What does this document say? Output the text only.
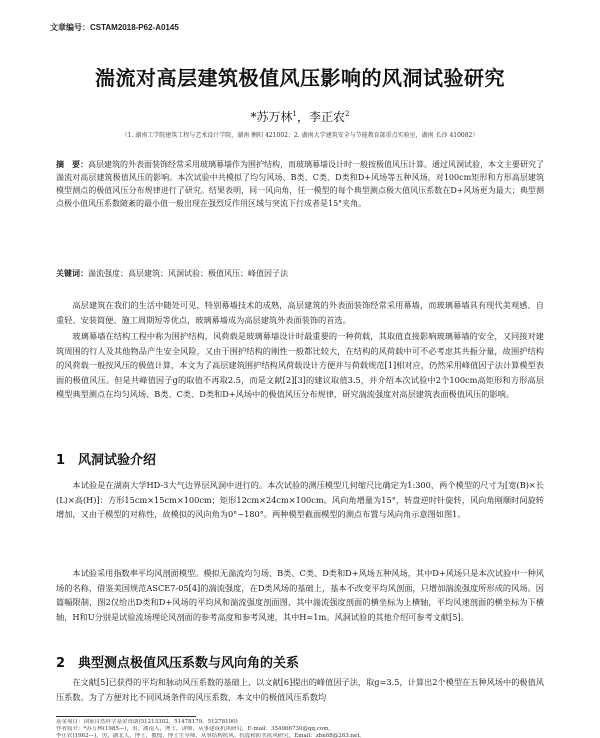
文章编号：CSTAM2018-P62-A0145
湍流对高层建筑极值风压影响的风洞试验研究
*苏万林$^1$，李正农$^2$
（1. 湖南工学院建筑工程与艺术设计学院，湖南 衡阳 421002；2. 湖南大学建筑安全与节能教育部重点实验室，湖南 长沙 410082）
摘　要：高层建筑的外表面装饰经常采用玻璃幕墙作为围护结构，而玻璃幕墙设计时一般按极值风压计算。通过风洞试验，本文主要研究了湍流对高层建筑极值风压的影响。本次试验中共模拟了均匀风场、B类、C类、D类和D+风场等五种风场，对100cm矩形和方形高层建筑模型测点的极值风压分布规律进行了研究。结果表明，同一风向角，任一模型的每个典型测点极大值风压系数在D+风场更为最大；典型测点极小值风压系数随紊的最小值一般出现在强烈反作用区域与突流下行成者是15°夹角。
关键词：湍流强度；高层建筑；风洞试验；极值风压；峰值因子法
高层建筑在我们的生活中随处可见，特别幕墙技术的成熟，高层建筑的外表面装饰经常采用幕墙，而玻璃幕墙具有现代美观感、自重轻、安装简便、施工周期短等优点，玻璃幕墙成为高层建筑外表面装饰的首选。
玻璃幕墙在结构工程中称为围护结构，风荷载是玻璃幕墙设计时最重要的一种荷载，其取值直接影响玻璃幕墙的安全，又同接对建筑周围的行人及其他物品产生安全风险，又由于围护结构的刚性一般都比较大，在结构的风荷载中可不必考虑其共振分量，故围护结构的风荷载一般按风压的极值计算，本文为了高层建筑围护结构风荷载设计方便并与荷载规范[1]相对应，仍然采用峰值因子法计算模型表面的极值风压。但是共峰值因子g的取值不再取2.5，而是文献[2][3]的建议取值3.5，并介绍本次试验中2个100cm高矩形和方形高层模型典型测点在均匀风场、B类、C类、D类和D+风场中的极值风压分布规律，研究湍流强度对高层建筑表面极值风压的影响。
1 风洞试验介绍
本试验是在湖南大学HD-3大气边界层风洞中进行的。本次试验的测压模型几何缩尺比确定为1:300，两个模型的尺寸为[宽(B)×长(L)×高(H)]：方形15cm×15cm×100cm；矩形12cm×24cm×100cm。风向角增量为15°，转盘逆时针旋转，风向角刚顺时间旋转增加，又由于模型的对称性，故模拟的风向角为0°~180°。两种模型截面模型的测点布置与风向角示意图如图1。
本试验采用指数率平均风剖面模型。模拟无湍流均匀场、B类、C类、D类和D+风场五种风场，其中D+风场只是本次试验中一种风场的名称，借鉴美国规范ASCE7-05[4]的湍流强度，在D类风场的基础上，基本不改变平均风剖面，只增加湍流强度所形成的风场。因篇幅限制，图2仅给出D类和D+风场的平均风和湍流强度剖面图，其中湍流强度剖面的横坐标为上横轴，平均风速剖面的横坐标为下横轴，H和U分别是试验流场理论风剖面的参考高度和参考风速，其中H=1m。风洞试验的其他介绍可参考文献[5]。
2 典型测点极值风压系数与风向角的关系
在文献[5]已获得的平均和脉动风压系数的基础上，以文献[6]提出的峰值因子法，取g=3.5，计算出2个模型在五种风场中的极值风压系数。为了方便对比不同风场条件的风压系数，本文中的极值风压系数均
基金项目：国家自然科学基金资助(51213302，51478179，51278190)
作者简介：*苏万林(1985—)，男，湖南人，博士，讲师，从事建筑抗风研究。E-mail：354966730@qq.com。
李正农(1962—)，男，湖北人，博士，教授，博士生导师，从事结构抗风、抗震和防水抗风研究。Email：zhn88@263.net。
